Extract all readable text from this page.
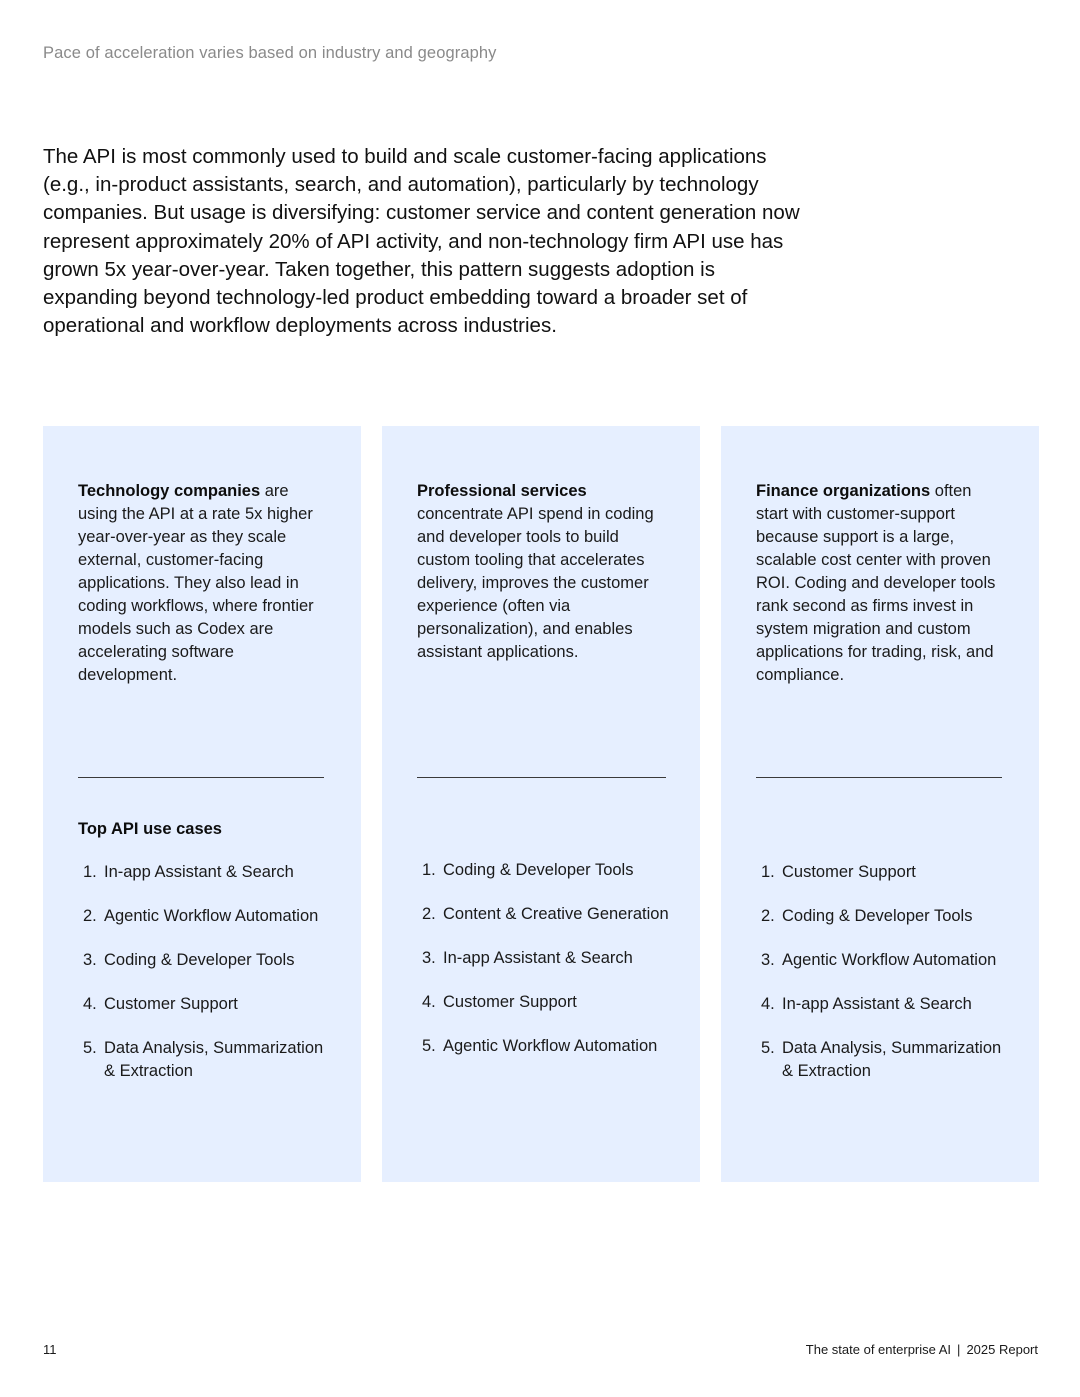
Pace of acceleration varies based on industry and geography

The API is most commonly used to build and scale customer-facing applications (e.g., in-product assistants, search, and automation), particularly by technology companies. But usage is diversifying: customer service and content generation now represent approximately 20% of API activity, and non-technology firm API use has grown 5x year-over-year. Taken together, this pattern suggests adoption is expanding beyond technology-led product embedding toward a broader set of operational and workflow deployments across industries.

Technology companies are using the API at a rate 5x higher year-over-year as they scale external, customer-facing applications. They also lead in coding workflows, where frontier models such as Codex are accelerating software development.

Top API use cases
1. In-app Assistant & Search
2. Agentic Workflow Automation
3. Coding & Developer Tools
4. Customer Support
5. Data Analysis, Summarization & Extraction

Professional services concentrate API spend in coding and developer tools to build custom tooling that accelerates delivery, improves the customer experience (often via personalization), and enables assistant applications.

1. Coding & Developer Tools
2. Content & Creative Generation
3. In-app Assistant & Search
4. Customer Support
5. Agentic Workflow Automation

Finance organizations often start with customer-support because support is a large, scalable cost center with proven ROI. Coding and developer tools rank second as firms invest in system migration and custom applications for trading, risk, and compliance.

1. Customer Support
2. Coding & Developer Tools
3. Agentic Workflow Automation
4. In-app Assistant & Search
5. Data Analysis, Summarization & Extraction
11	The state of enterprise AI | 2025 Report
